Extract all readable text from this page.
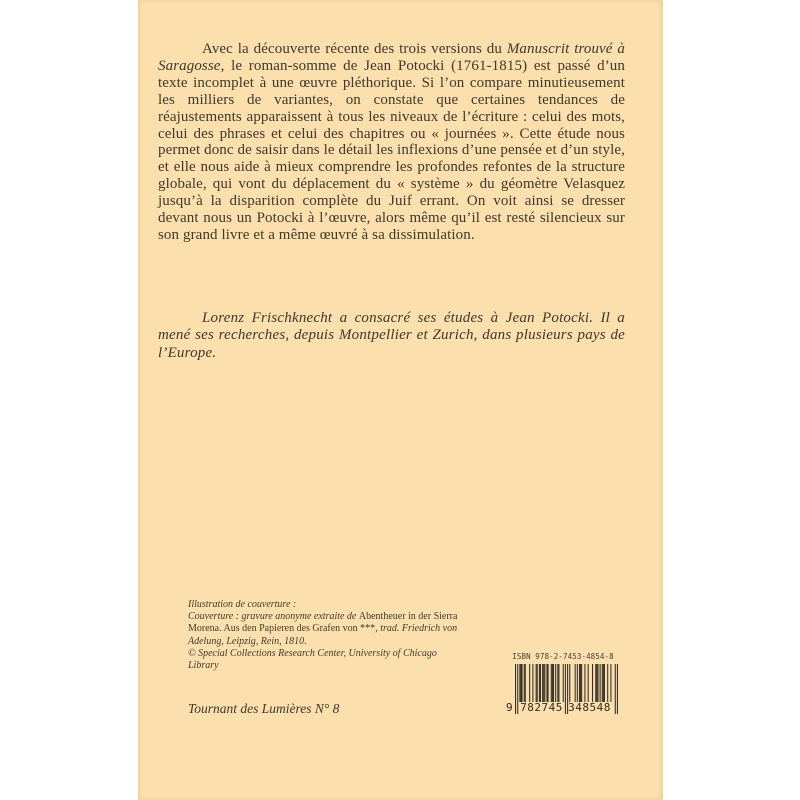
Avec la découverte récente des trois versions du Manuscrit trouvé à Saragosse, le roman-somme de Jean Potocki (1761-1815) est passé d’un texte incomplet à une œuvre pléthorique. Si l’on compare minutieusement les milliers de variantes, on constate que certaines tendances de réajustements apparaissent à tous les niveaux de l’écriture : celui des mots, celui des phrases et celui des chapitres ou « journées ». Cette étude nous permet donc de saisir dans le détail les inflexions d’une pensée et d’un style, et elle nous aide à mieux comprendre les profondes refontes de la structure globale, qui vont du déplacement du « système » du géomètre Velasquez jusqu’à la disparition complète du Juif errant. On voit ainsi se dresser devant nous un Potocki à l’œuvre, alors même qu’il est resté silencieux sur son grand livre et a même œuvré à sa dissimulation.

Lorenz Frischknecht a consacré ses études à Jean Potocki. Il a mené ses recherches, depuis Montpellier et Zurich, dans plusieurs pays de l’Europe.

Illustration de couverture :
Couverture : gravure anonyme extraite de Abentheuer in der Sierra Morena. Aus den Papieren des Grafen von ***, trad. Friedrich von Adelung, Leipzig, Rein, 1810.
© Special Collections Research Center, University of Chicago Library
Tournant des Lumières N° 8
ISBN 978-2-7453-4854-8
9 782745 348548
